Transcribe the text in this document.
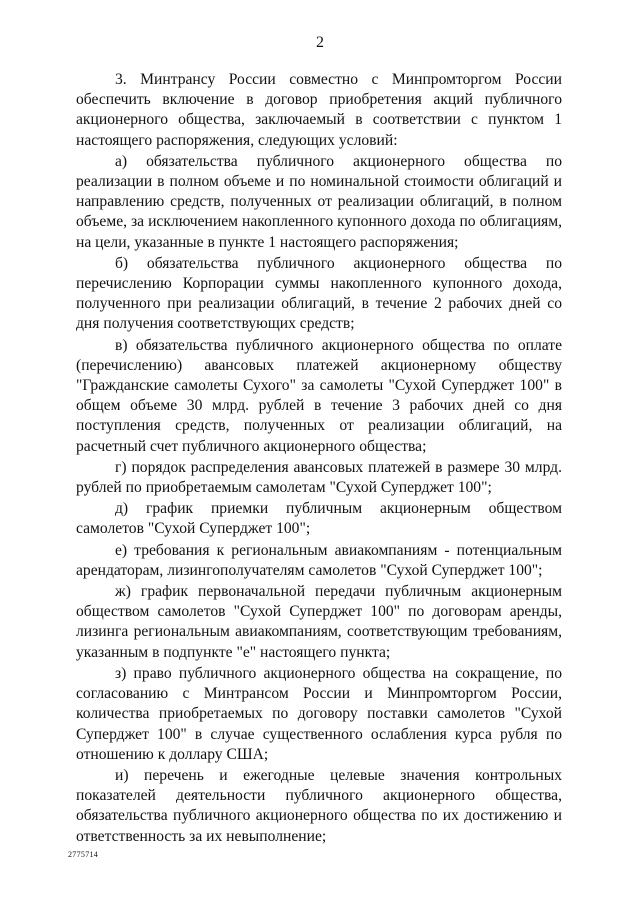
2

3. Минтрансу России совместно с Минпромторгом России обеспечить включение в договор приобретения акций публичного акционерного общества, заключаемый в соответствии с пунктом 1 настоящего распоряжения, следующих условий:

а) обязательства публичного акционерного общества по реализации в полном объеме и по номинальной стоимости облигаций и направлению средств, полученных от реализации облигаций, в полном объеме, за исключением накопленного купонного дохода по облигациям, на цели, указанные в пункте 1 настоящего распоряжения;

б) обязательства публичного акционерного общества по перечислению Корпорации суммы накопленного купонного дохода, полученного при реализации облигаций, в течение 2 рабочих дней со дня получения соответствующих средств;

в) обязательства публичного акционерного общества по оплате (перечислению) авансовых платежей акционерному обществу "Гражданские самолеты Сухого" за самолеты "Сухой Суперджет 100" в общем объеме 30 млрд. рублей в течение 3 рабочих дней со дня поступления средств, полученных от реализации облигаций, на расчетный счет публичного акционерного общества;

г) порядок распределения авансовых платежей в размере 30 млрд. рублей по приобретаемым самолетам "Сухой Суперджет 100";

д) график приемки публичным акционерным обществом самолетов "Сухой Суперджет 100";

е) требования к региональным авиакомпаниям - потенциальным арендаторам, лизингополучателям самолетов "Сухой Суперджет 100";

ж) график первоначальной передачи публичным акционерным обществом самолетов "Сухой Суперджет 100" по договорам аренды, лизинга региональным авиакомпаниям, соответствующим требованиям, указанным в подпункте "е" настоящего пункта;

з) право публичного акционерного общества на сокращение, по согласованию с Минтрансом России и Минпромторгом России, количества приобретаемых по договору поставки самолетов "Сухой Суперджет 100" в случае существенного ослабления курса рубля по отношению к доллару США;

и) перечень и ежегодные целевые значения контрольных показателей деятельности публичного акционерного общества, обязательства публичного акционерного общества по их достижению и ответственность за их невыполнение;

2775714
